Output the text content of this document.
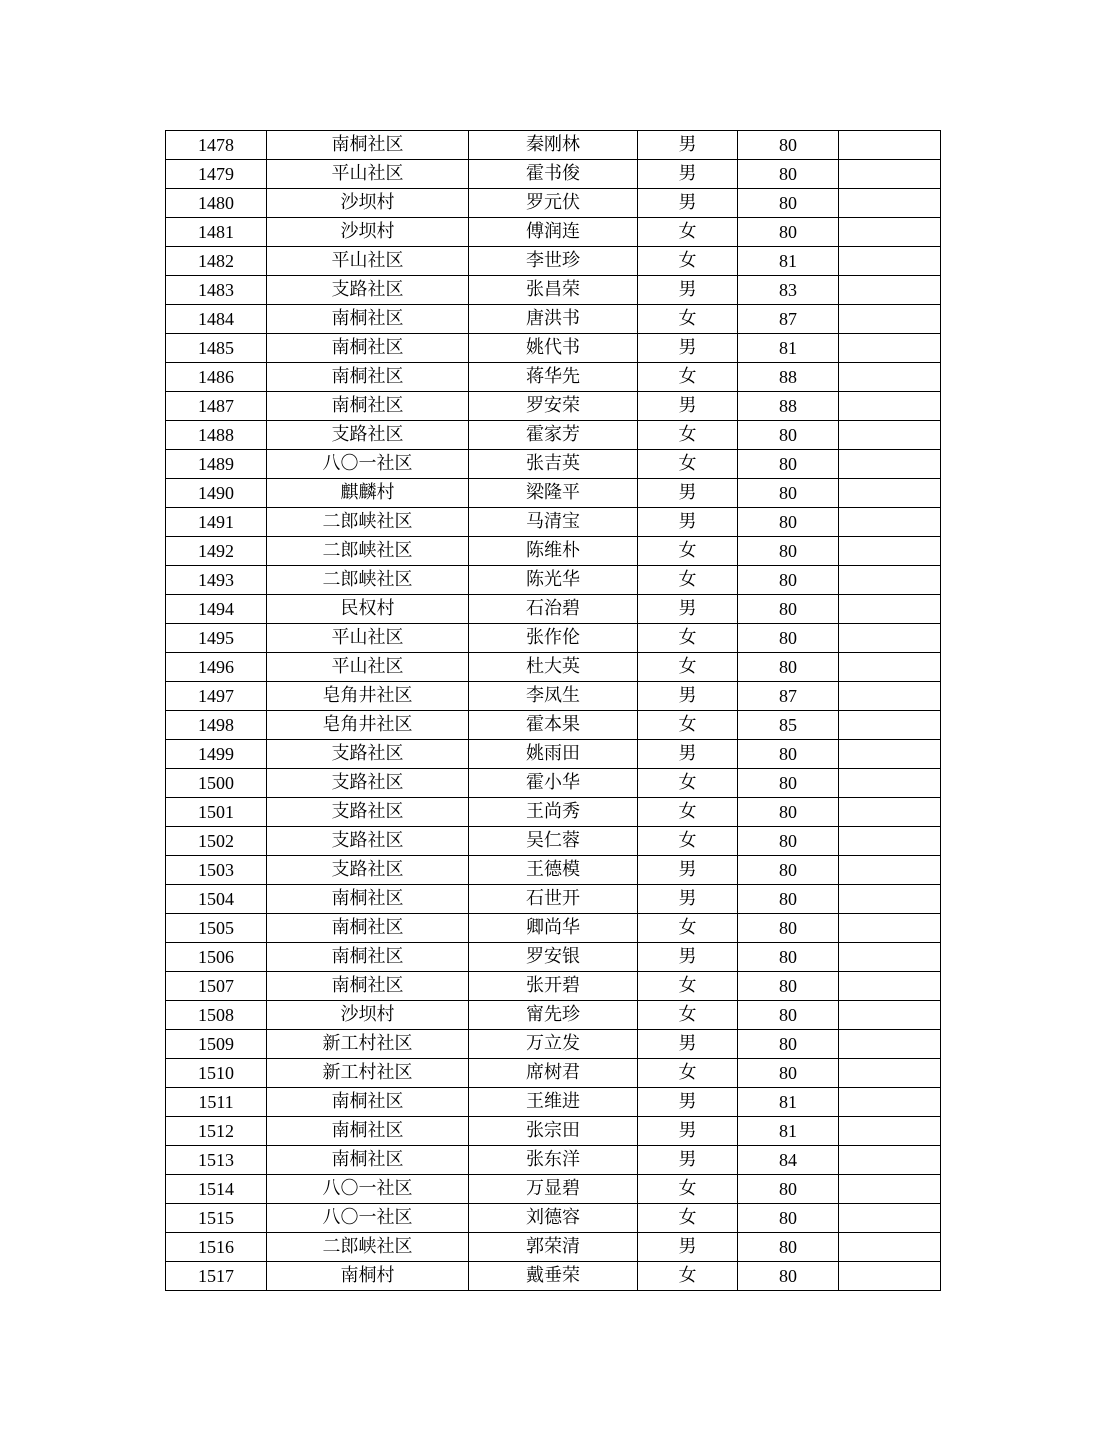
1478	南桐社区	秦刚林	男	80	
1479	平山社区	霍书俊	男	80	
1480	沙坝村	罗元伏	男	80	
1481	沙坝村	傅润连	女	80	
1482	平山社区	李世珍	女	81	
1483	支路社区	张昌荣	男	83	
1484	南桐社区	唐洪书	女	87	
1485	南桐社区	姚代书	男	81	
1486	南桐社区	蒋华先	女	88	
1487	南桐社区	罗安荣	男	88	
1488	支路社区	霍家芳	女	80	
1489	八〇一社区	张吉英	女	80	
1490	麒麟村	梁隆平	男	80	
1491	二郎峡社区	马清宝	男	80	
1492	二郎峡社区	陈维朴	女	80	
1493	二郎峡社区	陈光华	女	80	
1494	民权村	石治碧	男	80	
1495	平山社区	张作伦	女	80	
1496	平山社区	杜大英	女	80	
1497	皂角井社区	李凤生	男	87	
1498	皂角井社区	霍本果	女	85	
1499	支路社区	姚雨田	男	80	
1500	支路社区	霍小华	女	80	
1501	支路社区	王尚秀	女	80	
1502	支路社区	吴仁蓉	女	80	
1503	支路社区	王德模	男	80	
1504	南桐社区	石世开	男	80	
1505	南桐社区	卿尚华	女	80	
1506	南桐社区	罗安银	男	80	
1507	南桐社区	张开碧	女	80	
1508	沙坝村	甯先珍	女	80	
1509	新工村社区	万立发	男	80	
1510	新工村社区	席树君	女	80	
1511	南桐社区	王维进	男	81	
1512	南桐社区	张宗田	男	81	
1513	南桐社区	张东洋	男	84	
1514	八〇一社区	万显碧	女	80	
1515	八〇一社区	刘德容	女	80	
1516	二郎峡社区	郭荣清	男	80	
1517	南桐村	戴垂荣	女	80	
